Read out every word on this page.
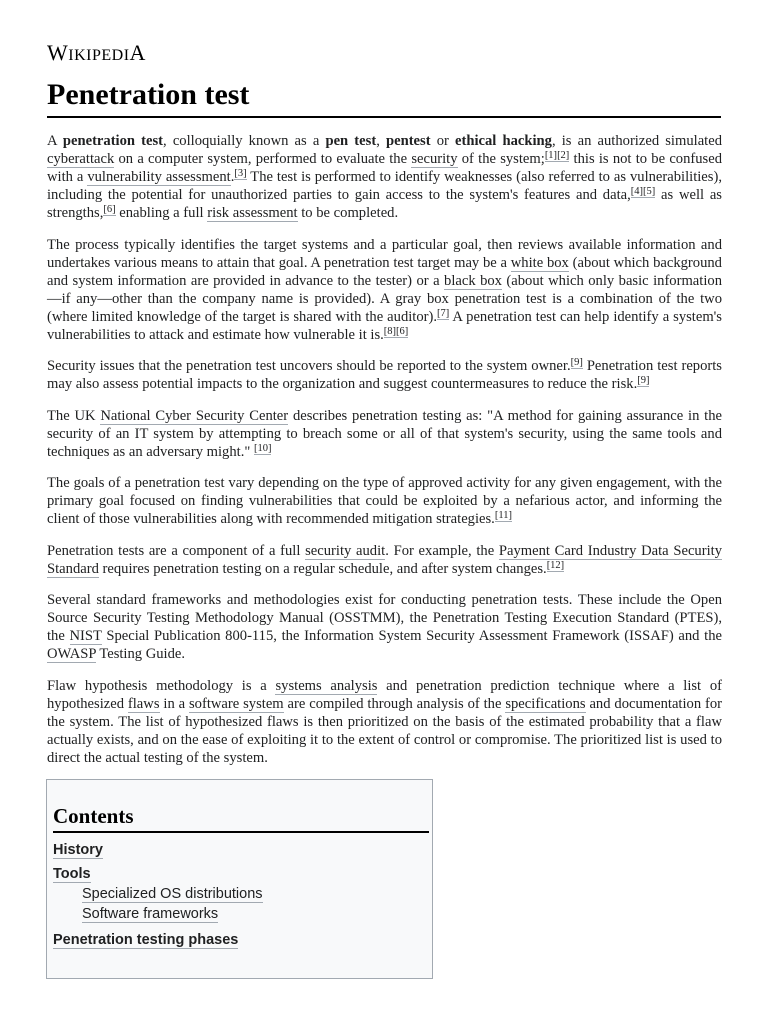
WIKIPEDIA
Penetration test

A penetration test, colloquially known as a pen test, pentest or ethical hacking, is an authorized simulated cyberattack on a computer system, performed to evaluate the security of the system;[1][2] this is not to be confused with a vulnerability assessment.[3] The test is performed to identify weaknesses (also referred to as vulnerabilities), including the potential for unauthorized parties to gain access to the system's features and data,[4][5] as well as strengths,[6] enabling a full risk assessment to be completed.

The process typically identifies the target systems and a particular goal, then reviews available information and undertakes various means to attain that goal. A penetration test target may be a white box (about which background and system information are provided in advance to the tester) or a black box (about which only basic information—if any—other than the company name is provided). A gray box penetration test is a combination of the two (where limited knowledge of the target is shared with the auditor).[7] A penetration test can help identify a system's vulnerabilities to attack and estimate how vulnerable it is.[8][6]

Security issues that the penetration test uncovers should be reported to the system owner.[9] Penetration test reports may also assess potential impacts to the organization and suggest countermeasures to reduce the risk.[9]

The UK National Cyber Security Center describes penetration testing as: "A method for gaining assurance in the security of an IT system by attempting to breach some or all of that system's security, using the same tools and techniques as an adversary might." [10]

The goals of a penetration test vary depending on the type of approved activity for any given engagement, with the primary goal focused on finding vulnerabilities that could be exploited by a nefarious actor, and informing the client of those vulnerabilities along with recommended mitigation strategies.[11]

Penetration tests are a component of a full security audit. For example, the Payment Card Industry Data Security Standard requires penetration testing on a regular schedule, and after system changes.[12]

Several standard frameworks and methodologies exist for conducting penetration tests. These include the Open Source Security Testing Methodology Manual (OSSTMM), the Penetration Testing Execution Standard (PTES), the NIST Special Publication 800-115, the Information System Security Assessment Framework (ISSAF) and the OWASP Testing Guide.

Flaw hypothesis methodology is a systems analysis and penetration prediction technique where a list of hypothesized flaws in a software system are compiled through analysis of the specifications and documentation for the system. The list of hypothesized flaws is then prioritized on the basis of the estimated probability that a flaw actually exists, and on the ease of exploiting it to the extent of control or compromise. The prioritized list is used to direct the actual testing of the system.

Contents
History
Tools
Specialized OS distributions
Software frameworks
Penetration testing phases
